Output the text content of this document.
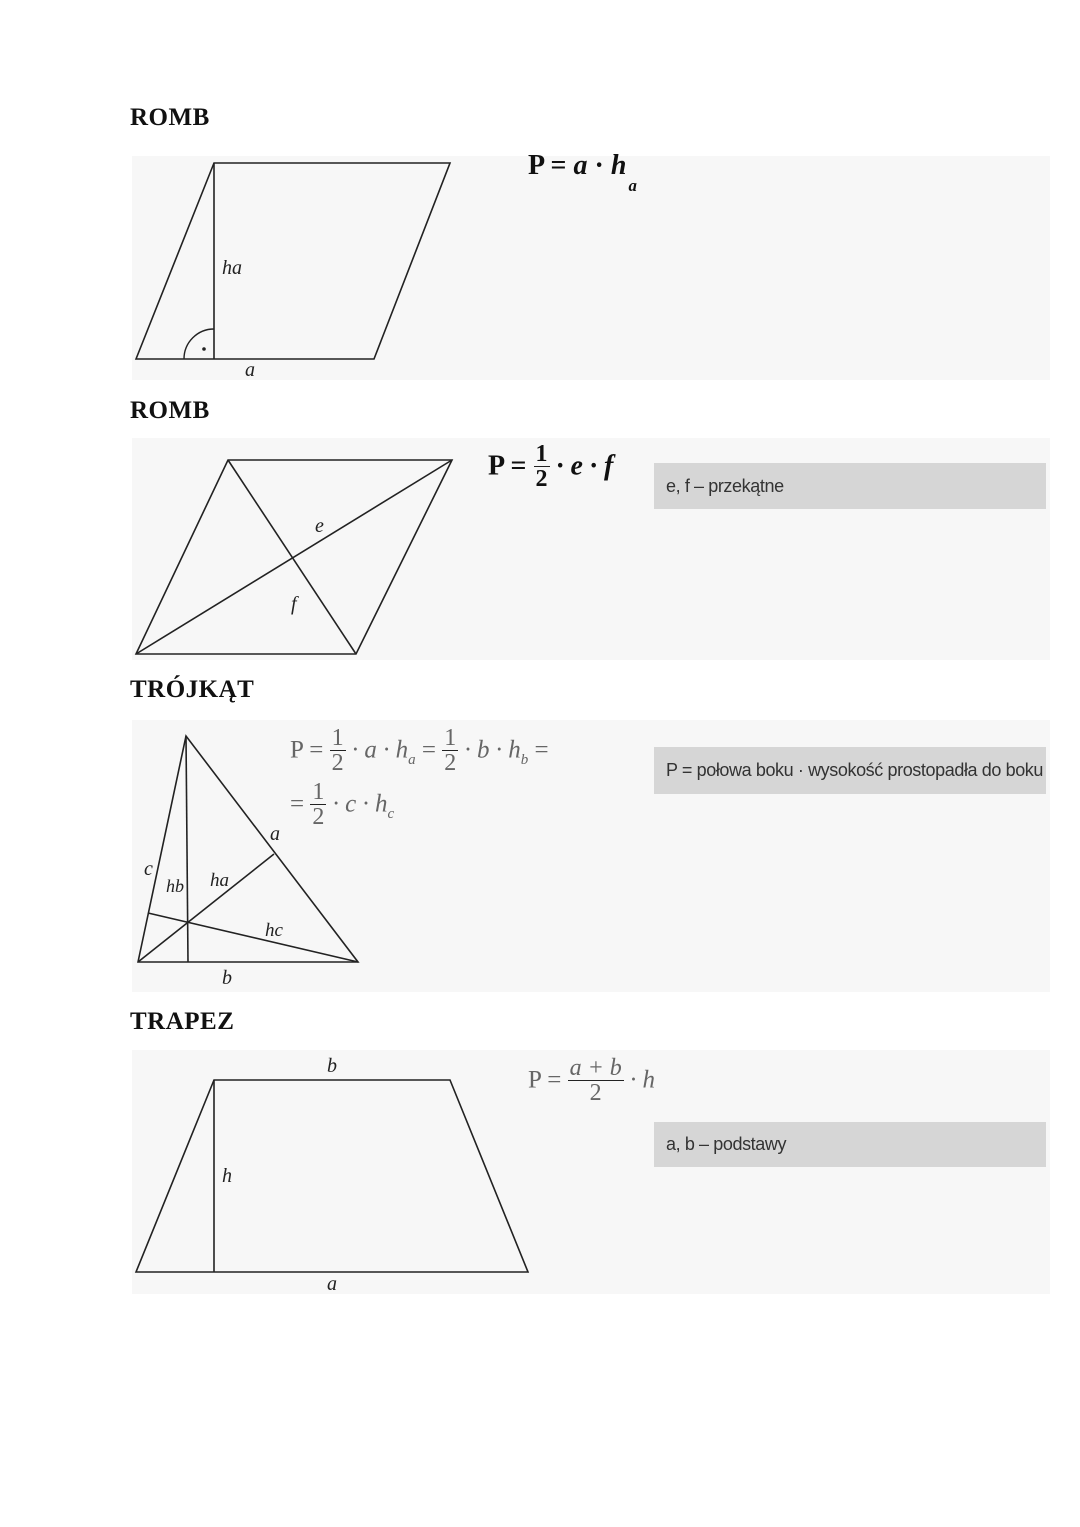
ROMB
ha
a
$P = a \cdot h_a$
ROMB
e
f
$P = \frac{1}{2} \cdot e \cdot f$
e, f – przekątne
TRÓJKĄT
a
b
c
hb ha
hc
$P = \frac{1}{2} \cdot a \cdot h_a = \frac{1}{2} \cdot b \cdot h_b$ =
= $\frac{1}{2} \cdot c \cdot h_c$
P = połowa boku · wysokość prostopadła do boku
TRAPEZ
b
a
h
$P = \frac{a + b}{2} \cdot h$
a, b – podstawy
